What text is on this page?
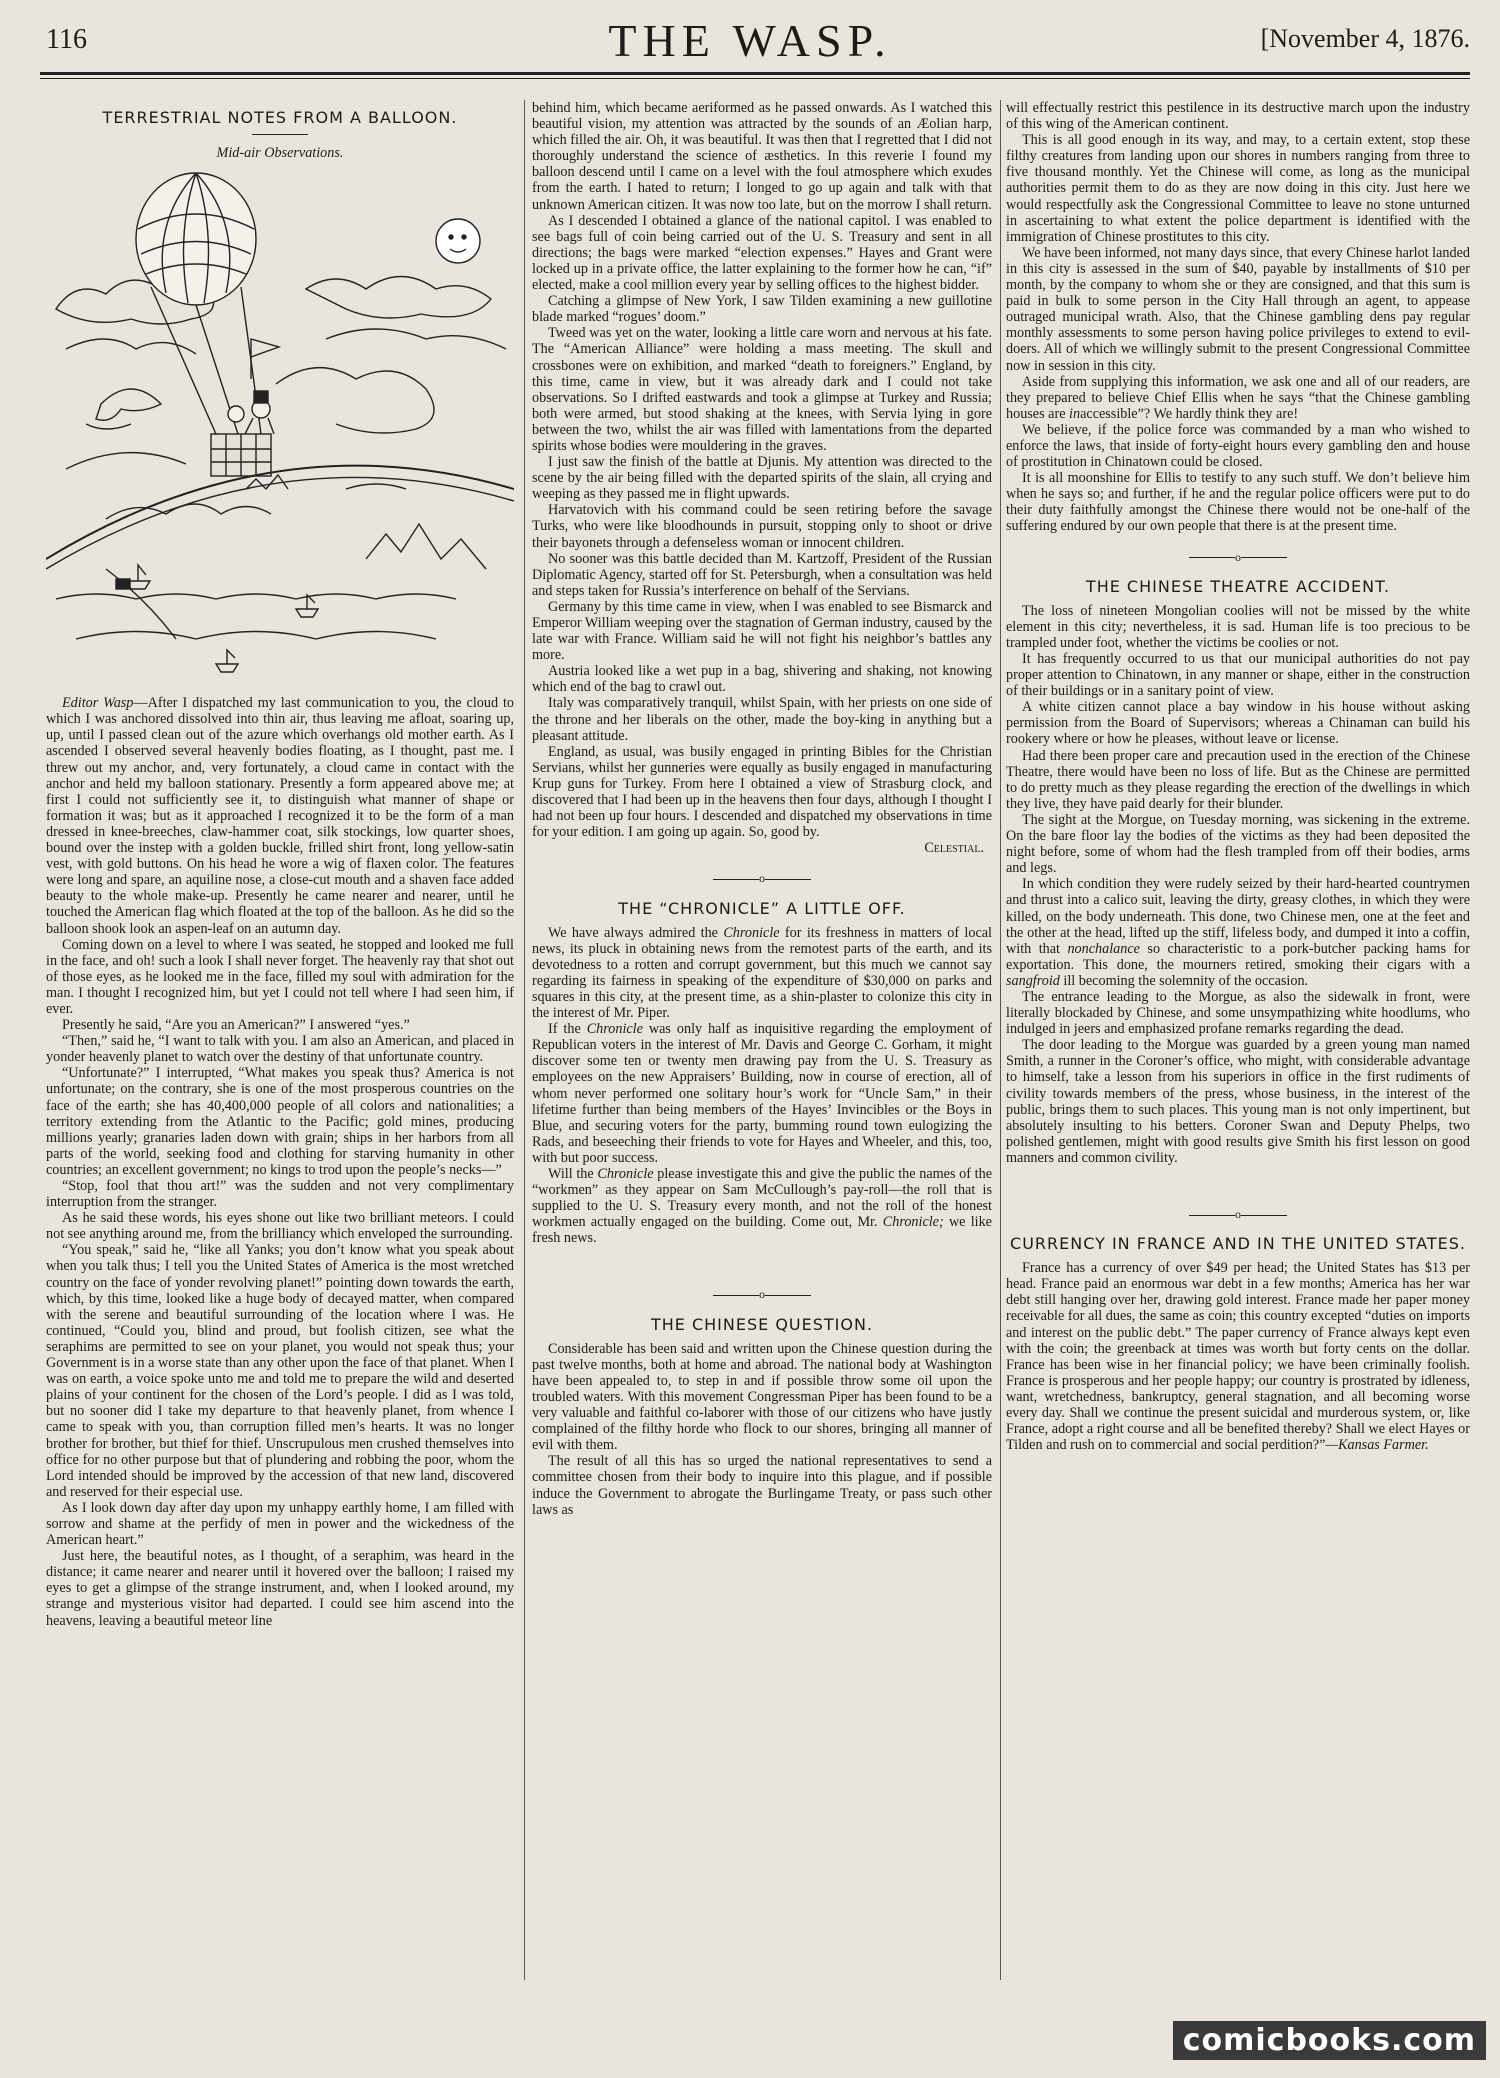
116	THE WASP.	[November 4, 1876.
TERRESTRIAL NOTES FROM A BALLOON.
Mid-air Observations.

Editor Wasp—After I dispatched my last communication to you, the cloud to which I was anchored dissolved into thin air, thus leaving me afloat, soaring up, up, until I passed clean out of the azure which overhangs old mother earth. As I ascended I observed several heavenly bodies floating, as I thought, past me. I threw out my anchor, and, very fortunately, a cloud came in contact with the anchor and held my balloon stationary. Presently a form appeared above me; at first I could not sufficiently see it, to distinguish what manner of shape or formation it was; but as it approached I recognized it to be the form of a man dressed in knee-breeches, claw-hammer coat, silk stockings, low quarter shoes, bound over the instep with a golden buckle, frilled shirt front, long yellow-satin vest, with gold buttons. On his head he wore a wig of flaxen color. The features were long and spare, an aquiline nose, a close-cut mouth and a shaven face added beauty to the whole make-up. Presently he came nearer and nearer, until he touched the American flag which floated at the top of the balloon. As he did so the balloon shook look an aspen-leaf on an autumn day.

Coming down on a level to where I was seated, he stopped and looked me full in the face, and oh! such a look I shall never forget. The heavenly ray that shot out of those eyes, as he looked me in the face, filled my soul with admiration for the man. I thought I recognized him, but yet I could not tell where I had seen him, if ever.

Presently he said, “Are you an American?” I answered “yes.”

“Then,” said he, “I want to talk with you. I am also an American, and placed in yonder heavenly planet to watch over the destiny of that unfortunate country.

“Unfortunate?” I interrupted, “What makes you speak thus? America is not unfortunate; on the contrary, she is one of the most prosperous countries on the face of the earth; she has 40,400,000 people of all colors and nationalities; a territory extending from the Atlantic to the Pacific; gold mines, producing millions yearly; granaries laden down with grain; ships in her harbors from all parts of the world, seeking food and clothing for starving humanity in other countries; an excellent government; no kings to trod upon the people’s necks—”

“Stop, fool that thou art!” was the sudden and not very complimentary interruption from the stranger.

As he said these words, his eyes shone out like two brilliant meteors. I could not see anything around me, from the brilliancy which enveloped the surrounding.

“You speak,” said he, “like all Yanks; you don’t know what you speak about when you talk thus; I tell you the United States of America is the most wretched country on the face of yonder revolving planet!” pointing down towards the earth, which, by this time, looked like a huge body of decayed matter, when compared with the serene and beautiful surrounding of the location where I was. He continued, “Could you, blind and proud, but foolish citizen, see what the seraphims are permitted to see on your planet, you would not speak thus; your Government is in a worse state than any other upon the face of that planet. When I was on earth, a voice spoke unto me and told me to prepare the wild and deserted plains of your continent for the chosen of the Lord’s people. I did as I was told, but no sooner did I take my departure to that heavenly planet, from whence I came to speak with you, than corruption filled men’s hearts. It was no longer brother for brother, but thief for thief. Unscrupulous men crushed themselves into office for no other purpose but that of plundering and robbing the poor, whom the Lord intended should be improved by the accession of that new land, discovered and reserved for their especial use.

As I look down day after day upon my unhappy earthly home, I am filled with sorrow and shame at the perfidy of men in power and the wickedness of the American heart.”

Just here, the beautiful notes, as I thought, of a seraphim, was heard in the distance; it came nearer and nearer until it hovered over the balloon; I raised my eyes to get a glimpse of the strange instrument, and, when I looked around, my strange and mysterious visitor had departed. I could see him ascend into the heavens, leaving a beautiful meteor line

behind him, which became aeriformed as he passed onwards. As I watched this beautiful vision, my attention was attracted by the sounds of an Æolian harp, which filled the air. Oh, it was beautiful. It was then that I regretted that I did not thoroughly understand the science of æsthetics. In this reverie I found my balloon descend until I came on a level with the foul atmosphere which exudes from the earth. I hated to return; I longed to go up again and talk with that unknown American citizen. It was now too late, but on the morrow I shall return.

As I descended I obtained a glance of the national capitol. I was enabled to see bags full of coin being carried out of the U. S. Treasury and sent in all directions; the bags were marked “election expenses.” Hayes and Grant were locked up in a private office, the latter explaining to the former how he can, “if” elected, make a cool million every year by selling offices to the highest bidder.

Catching a glimpse of New York, I saw Tilden examining a new guillotine blade marked “rogues’ doom.”

Tweed was yet on the water, looking a little care worn and nervous at his fate. The “American Alliance” were holding a mass meeting. The skull and crossbones were on exhibition, and marked “death to foreigners.” England, by this time, came in view, but it was already dark and I could not take observations. So I drifted eastwards and took a glimpse at Turkey and Russia; both were armed, but stood shaking at the knees, with Servia lying in gore between the two, whilst the air was filled with lamentations from the departed spirits whose bodies were mouldering in the graves.

I just saw the finish of the battle at Djunis. My attention was directed to the scene by the air being filled with the departed spirits of the slain, all crying and weeping as they passed me in flight upwards.

Harvatovich with his command could be seen retiring before the savage Turks, who were like bloodhounds in pursuit, stopping only to shoot or drive their bayonets through a defenseless woman or innocent children.

No sooner was this battle decided than M. Kartzoff, President of the Russian Diplomatic Agency, started off for St. Petersburgh, when a consultation was held and steps taken for Russia’s interference on behalf of the Servians.

Germany by this time came in view, when I was enabled to see Bismarck and Emperor William weeping over the stagnation of German industry, caused by the late war with France. William said he will not fight his neighbor’s battles any more.

Austria looked like a wet pup in a bag, shivering and shaking, not knowing which end of the bag to crawl out.

Italy was comparatively tranquil, whilst Spain, with her priests on one side of the throne and her liberals on the other, made the boy-king in anything but a pleasant attitude.

England, as usual, was busily engaged in printing Bibles for the Christian Servians, whilst her gunneries were equally as busily engaged in manufacturing Krup guns for Turkey. From here I obtained a view of Strasburg clock, and discovered that I had been up in the heavens then four days, although I thought I had not been up four hours. I descended and dispatched my observations in time for your edition. I am going up again. So, good by.

Celestial.
o
THE “CHRONICLE” A LITTLE OFF.

We have always admired the Chronicle for its freshness in matters of local news, its pluck in obtaining news from the remotest parts of the earth, and its devotedness to a rotten and corrupt government, but this much we cannot say regarding its fairness in speaking of the expenditure of $30,000 on parks and squares in this city, at the present time, as a shin-plaster to colonize this city in the interest of Mr. Piper.

If the Chronicle was only half as inquisitive regarding the employment of Republican voters in the interest of Mr. Davis and George C. Gorham, it might discover some ten or twenty men drawing pay from the U. S. Treasury as employees on the new Appraisers’ Building, now in course of erection, all of whom never performed one solitary hour’s work for “Uncle Sam,” in their lifetime further than being members of the Hayes’ Invincibles or the Boys in Blue, and securing voters for the party, bumming round town eulogizing the Rads, and beseeching their friends to vote for Hayes and Wheeler, and this, too, with but poor success.

Will the Chronicle please investigate this and give the public the names of the “workmen” as they appear on Sam McCullough’s pay-roll—the roll that is supplied to the U. S. Treasury every month, and not the roll of the honest workmen actually engaged on the building. Come out, Mr. Chronicle; we like fresh news.

o
THE CHINESE QUESTION.

Considerable has been said and written upon the Chinese question during the past twelve months, both at home and abroad. The national body at Washington have been appealed to, to step in and if possible throw some oil upon the troubled waters. With this movement Congressman Piper has been found to be a very valuable and faithful co-laborer with those of our citizens who have justly complained of the filthy horde who flock to our shores, bringing all manner of evil with them.

The result of all this has so urged the national representatives to send a committee chosen from their body to inquire into this plague, and if possible induce the Government to abrogate the Burlingame Treaty, or pass such other laws as

will effectually restrict this pestilence in its destructive march upon the industry of this wing of the American continent.

This is all good enough in its way, and may, to a certain extent, stop these filthy creatures from landing upon our shores in numbers ranging from three to five thousand monthly. Yet the Chinese will come, as long as the municipal authorities permit them to do as they are now doing in this city. Just here we would respectfully ask the Congressional Committee to leave no stone unturned in ascertaining to what extent the police department is identified with the immigration of Chinese prostitutes to this city.

We have been informed, not many days since, that every Chinese harlot landed in this city is assessed in the sum of $40, payable by installments of $10 per month, by the company to whom she or they are consigned, and that this sum is paid in bulk to some person in the City Hall through an agent, to appease outraged municipal wrath. Also, that the Chinese gambling dens pay regular monthly assessments to some person having police privileges to extend to evil-doers. All of which we willingly submit to the present Congressional Committee now in session in this city.

Aside from supplying this information, we ask one and all of our readers, are they prepared to believe Chief Ellis when he says “that the Chinese gambling houses are inaccessible”? We hardly think they are!

We believe, if the police force was commanded by a man who wished to enforce the laws, that inside of forty-eight hours every gambling den and house of prostitution in Chinatown could be closed.

It is all moonshine for Ellis to testify to any such stuff. We don’t believe him when he says so; and further, if he and the regular police officers were put to do their duty faithfully amongst the Chinese there would not be one-half of the suffering endured by our own people that there is at the present time.

o
THE CHINESE THEATRE ACCIDENT.

The loss of nineteen Mongolian coolies will not be missed by the white element in this city; nevertheless, it is sad. Human life is too precious to be trampled under foot, whether the victims be coolies or not.

It has frequently occurred to us that our municipal authorities do not pay proper attention to Chinatown, in any manner or shape, either in the construction of their buildings or in a sanitary point of view.

A white citizen cannot place a bay window in his house without asking permission from the Board of Supervisors; whereas a Chinaman can build his rookery where or how he pleases, without leave or license.

Had there been proper care and precaution used in the erection of the Chinese Theatre, there would have been no loss of life. But as the Chinese are permitted to do pretty much as they please regarding the erection of the dwellings in which they live, they have paid dearly for their blunder.

The sight at the Morgue, on Tuesday morning, was sickening in the extreme. On the bare floor lay the bodies of the victims as they had been deposited the night before, some of whom had the flesh trampled from off their bodies, arms and legs.

In which condition they were rudely seized by their hard-hearted countrymen and thrust into a calico suit, leaving the dirty, greasy clothes, in which they were killed, on the body underneath. This done, two Chinese men, one at the feet and the other at the head, lifted up the stiff, lifeless body, and dumped it into a coffin, with that nonchalance so characteristic to a pork-butcher packing hams for exportation. This done, the mourners retired, smoking their cigars with a sangfroid ill becoming the solemnity of the occasion.

The entrance leading to the Morgue, as also the sidewalk in front, were literally blockaded by Chinese, and some unsympathizing white hoodlums, who indulged in jeers and emphasized profane remarks regarding the dead.

The door leading to the Morgue was guarded by a green young man named Smith, a runner in the Coroner’s office, who might, with considerable advantage to himself, take a lesson from his superiors in office in the first rudiments of civility towards members of the press, whose business, in the interest of the public, brings them to such places. This young man is not only impertinent, but absolutely insulting to his betters. Coroner Swan and Deputy Phelps, two polished gentlemen, might with good results give Smith his first lesson on good manners and common civility.

o
CURRENCY IN FRANCE AND IN THE UNITED STATES.

France has a currency of over $49 per head; the United States has $13 per head. France paid an enormous war debt in a few months; America has her war debt still hanging over her, drawing gold interest. France made her paper money receivable for all dues, the same as coin; this country excepted “duties on imports and interest on the public debt.” The paper currency of France always kept even with the coin; the greenback at times was worth but forty cents on the dollar. France has been wise in her financial policy; we have been criminally foolish. France is prosperous and her people happy; our country is prostrated by idleness, want, wretchedness, bankruptcy, general stagnation, and all becoming worse every day. Shall we continue the present suicidal and murderous system, or, like France, adopt a right course and all be benefited thereby? Shall we elect Hayes or Tilden and rush on to commercial and social perdition?”—Kansas Farmer.

comicbooks.com
